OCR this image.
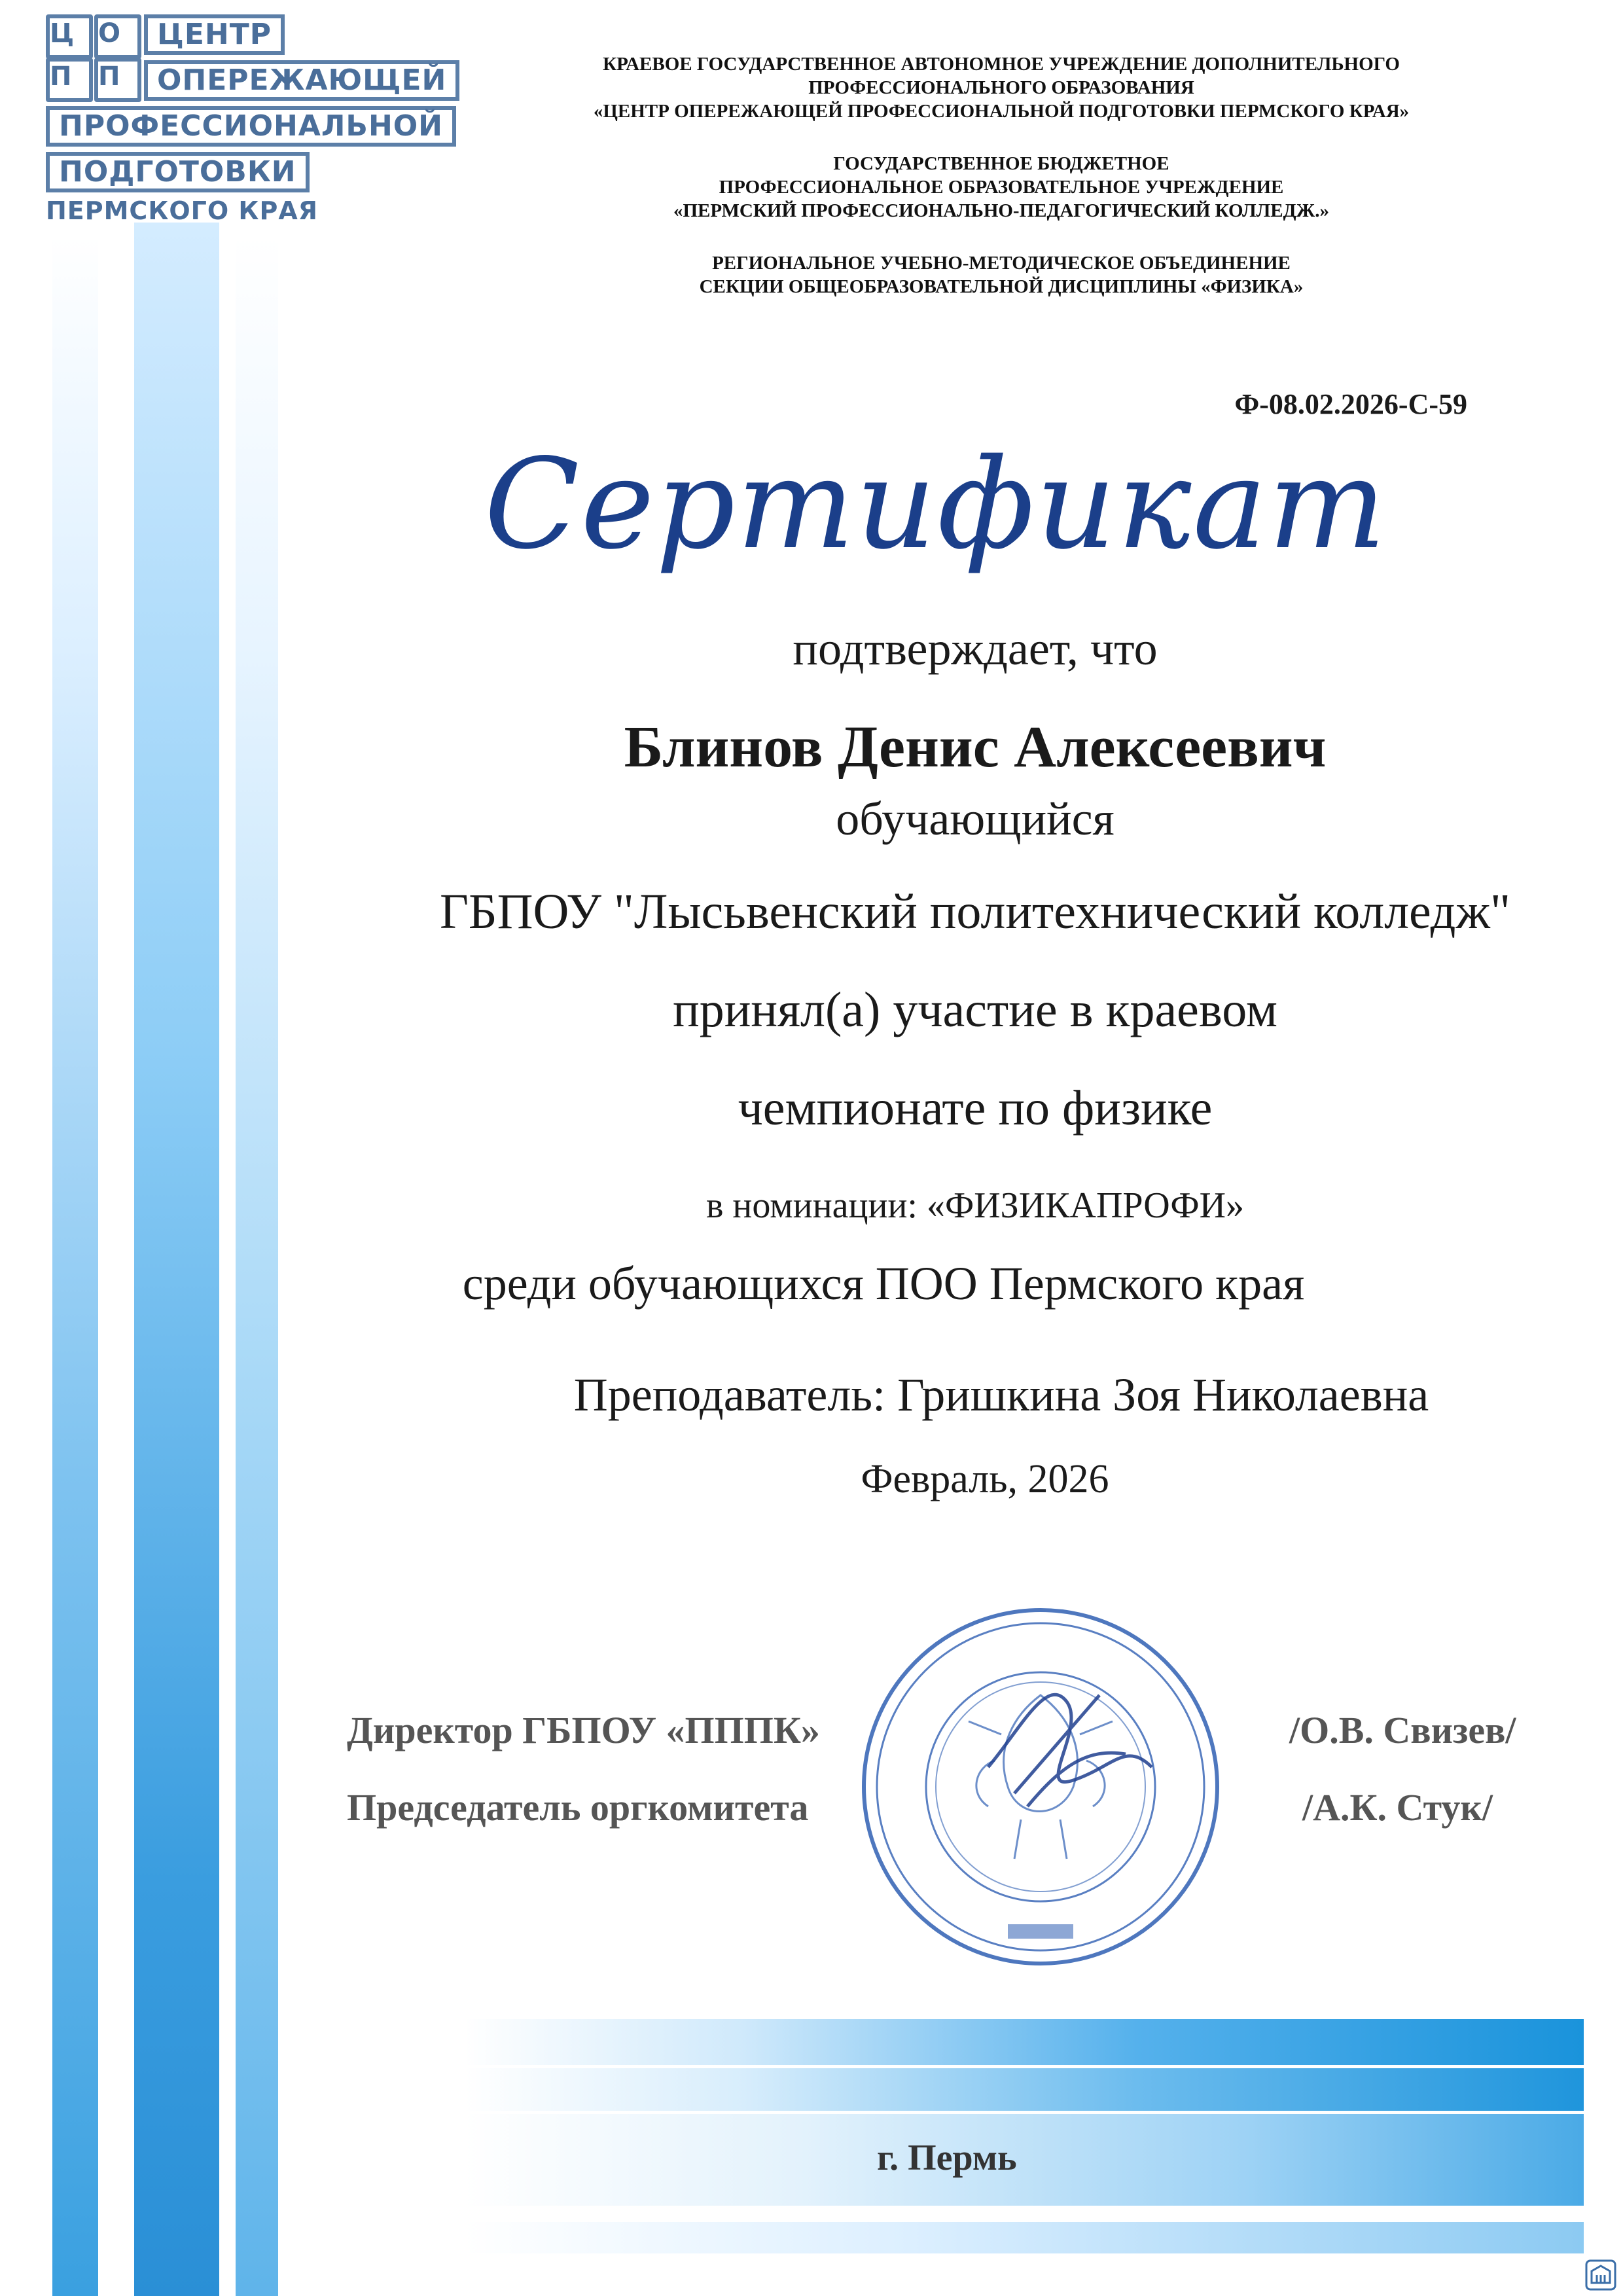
Ц О
П П
ЦЕНТР
ОПЕРЕЖАЮЩЕЙ
ПРОФЕССИОНАЛЬНОЙ
ПОДГОТОВКИ
ПЕРМСКОГО КРАЯ
КРАЕВОЕ ГОСУДАРСТВЕННОЕ АВТОНОМНОЕ УЧРЕЖДЕНИЕ ДОПОЛНИТЕЛЬНОГО
ПРОФЕССИОНАЛЬНОГО ОБРАЗОВАНИЯ
«ЦЕНТР ОПЕРЕЖАЮЩЕЙ ПРОФЕССИОНАЛЬНОЙ ПОДГОТОВКИ ПЕРМСКОГО КРАЯ»
ГОСУДАРСТВЕННОЕ БЮДЖЕТНОЕ
ПРОФЕССИОНАЛЬНОЕ ОБРАЗОВАТЕЛЬНОЕ УЧРЕЖДЕНИЕ
«ПЕРМСКИЙ ПРОФЕССИОНАЛЬНО-ПЕДАГОГИЧЕСКИЙ КОЛЛЕДЖ.»
РЕГИОНАЛЬНОЕ УЧЕБНО-МЕТОДИЧЕСКОЕ ОБЪЕДИНЕНИЕ
СЕКЦИИ ОБЩЕОБРАЗОВАТЕЛЬНОЙ ДИСЦИПЛИНЫ «ФИЗИКА»
Ф-08.02.2026-С-59
Сертификат
подтверждает, что
Блинов Денис Алексеевич
обучающийся
ГБПОУ "Лысьвенский политехнический колледж"
принял(а) участие в краевом
чемпионате по физике
в номинации: «ФИЗИКАПРОФИ»
среди обучающихся ПОО Пермского края
Преподаватель: Гришкина Зоя Николаевна
Февраль, 2026
Директор ГБПОУ «ПППК»
Председатель оргкомитета
/О.В. Свизев/
/А.К. Стук/
г. Пермь
